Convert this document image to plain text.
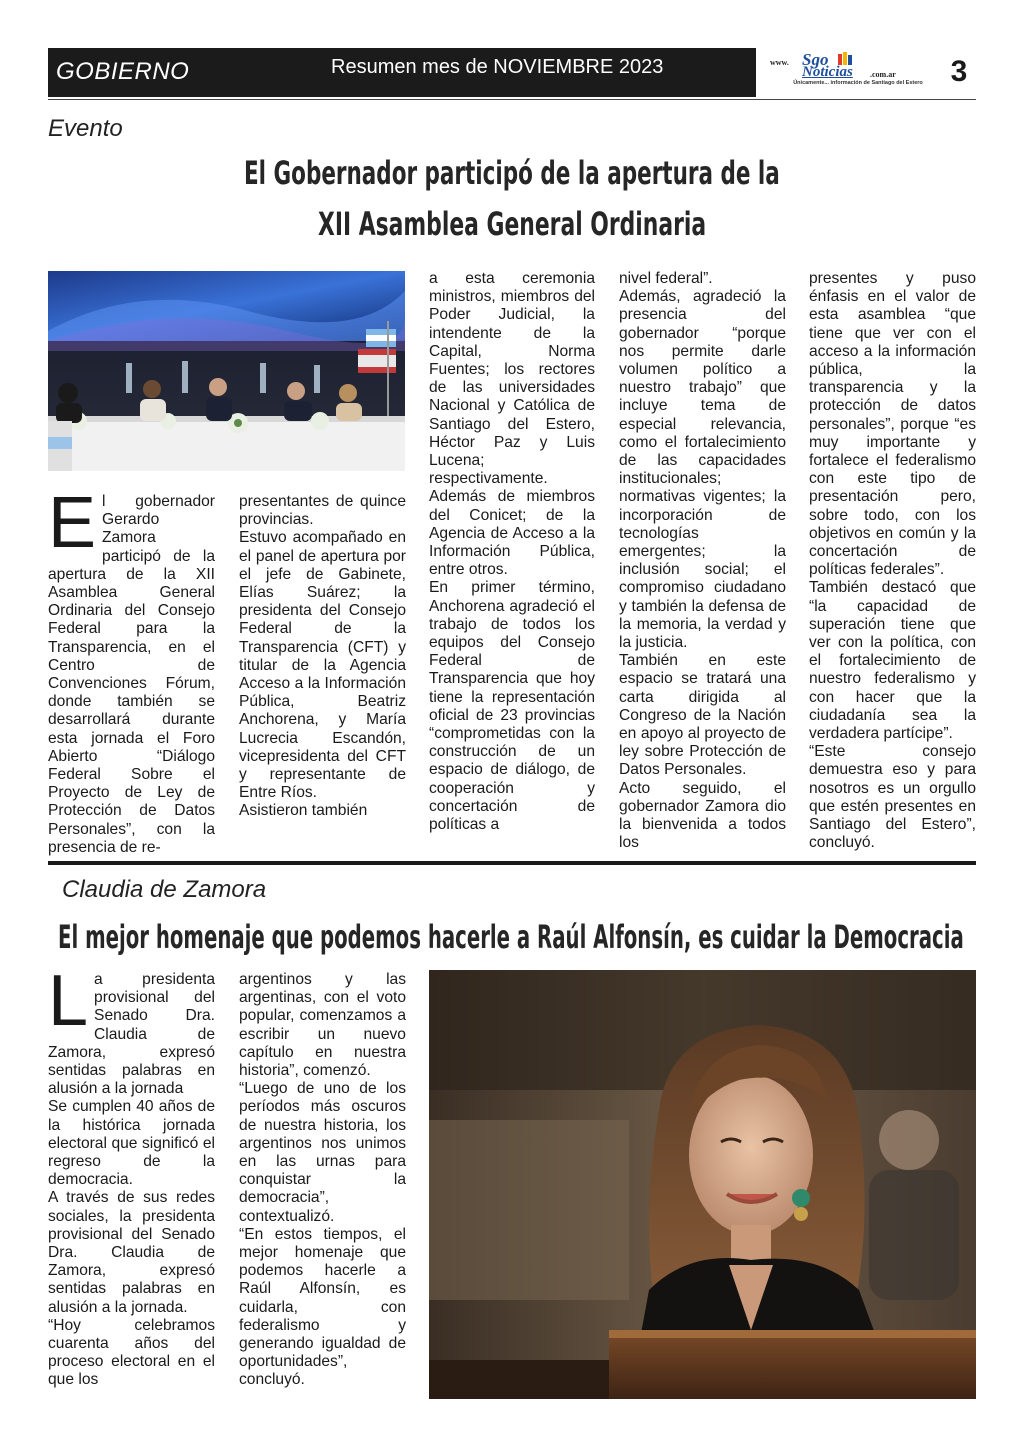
GOBIERNO	Resumen mes de NOVIEMBRE 2023	www. Sgo
Noticias .com.ar
Únicamente... información de Santiago del Estero 3
Evento
El Gobernador participó de la apertura de la
XII Asamblea General Ordinaria

El gobernador Gerardo Zamora participó de la apertura de la XII Asamblea General Ordinaria del Consejo Federal para la Transparencia, en el Centro de Convenciones Fórum, donde también se desarrollará durante esta jornada el Foro Abierto “Diálogo Federal Sobre el Proyecto de Ley de Protección de Datos Personales”, con la presencia de re-

presentantes de quince provincias.

Estuvo acompañado en el panel de apertura por el jefe de Gabinete, Elías Suárez; la presidenta del Consejo Federal de la Transparencia (CFT) y titular de la Agencia Acceso a la Información Pública, Beatriz Anchorena, y María Lucrecia Escandón, vicepresidenta del CFT y representante de Entre Ríos.

Asistieron también

a esta ceremonia ministros, miembros del Poder Judicial, la intendente de la Capital, Norma Fuentes; los rectores de las universidades Nacional y Católica de Santiago del Estero, Héctor Paz y Luis Lucena; respectivamente. Además de miembros del Conicet; de la Agencia de Acceso a la Información Pública, entre otros.

En primer término, Anchorena agradeció el trabajo de todos los equipos del Consejo Federal de Transparencia que hoy tiene la representación oficial de 23 provincias “comprometidas con la construcción de un espacio de diálogo, de cooperación y concertación de políticas a

nivel federal”.

Además, agradeció la presencia del gobernador “porque nos permite darle volumen político a nuestro trabajo” que incluye tema de especial relevancia, como el fortalecimiento de las capacidades institucionales; normativas vigentes; la incorporación de tecnologías emergentes; la inclusión social; el compromiso ciudadano y también la defensa de la memoria, la verdad y la justicia.

También en este espacio se tratará una carta dirigida al Congreso de la Nación en apoyo al proyecto de ley sobre Protección de Datos Personales.

Acto seguido, el gobernador Zamora dio la bienvenida a todos los

presentes y puso énfasis en el valor de esta asamblea “que tiene que ver con el acceso a la información pública, la transparencia y la protección de datos personales”, porque “es muy importante y fortalece el federalismo con este tipo de presentación pero, sobre todo, con los objetivos en común y la concertación de políticas federales”.

También destacó que “la capacidad de superación tiene que ver con la política, con el fortalecimiento de nuestro federalismo y con hacer que la ciudadanía sea la verdadera partícipe”.

“Este consejo demuestra eso y para nosotros es un orgullo que estén presentes en Santiago del Estero”, concluyó.

Claudia de Zamora
El mejor homenaje que podemos hacerle a Raúl Alfonsín, es cuidar la Democracia

La presidenta provisional del Senado Dra. Claudia de Zamora, expresó sentidas palabras en alusión a la jornada

Se cumplen 40 años de la histórica jornada electoral que significó el regreso de la democracia.

A través de sus redes sociales, la presidenta provisional del Senado Dra. Claudia de Zamora, expresó sentidas palabras en alusión a la jornada.

“Hoy celebramos cuarenta años del proceso electoral en el que los

argentinos y las argentinas, con el voto popular, comenzamos a escribir un nuevo capítulo en nuestra historia”, comenzó.

“Luego de uno de los períodos más oscuros de nuestra historia, los argentinos nos unimos en las urnas para conquistar la democracia”, contextualizó.

“En estos tiempos, el mejor homenaje que podemos hacerle a Raúl Alfonsín, es cuidarla, con federalismo y generando igualdad de oportunidades”, concluyó.
